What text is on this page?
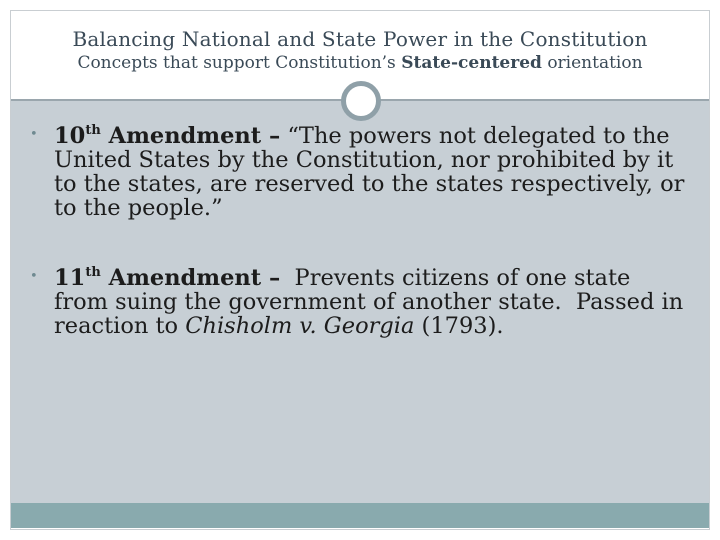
Balancing National and State Power in the Constitution
Concepts that support Constitution’s State-centered orientation
• 10th Amendment – “The powers not delegated to the United States by the Constitution, nor prohibited by it to the states, are reserved to the states respectively, or to the people.”
• 11th Amendment –  Prevents citizens of one state from suing the government of another state.  Passed in reaction to Chisholm v. Georgia (1793).
